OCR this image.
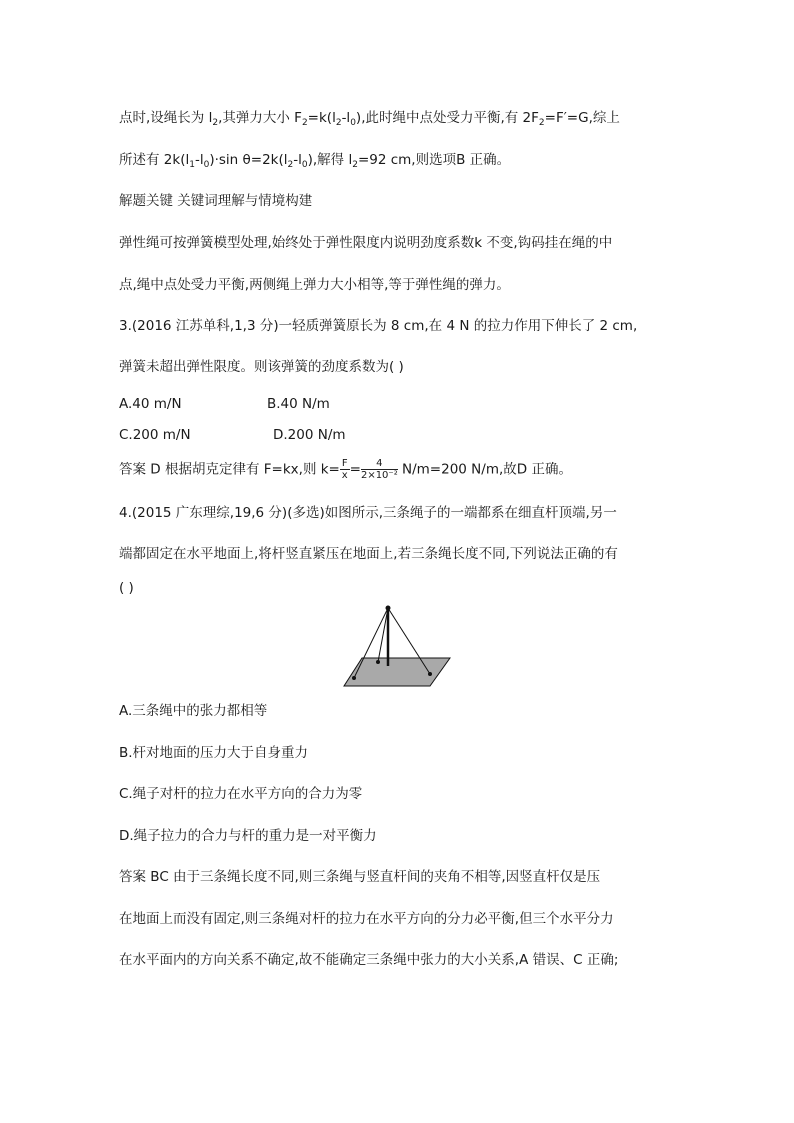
点时,设绳长为 $l_2$,其弹力大小 $F_2=k(l_2-l_0)$,此时绳中点处受力平衡,有 $2F_2=F'=G$,综上
所述有 $2k(l_1-l_0)\cdot\sin$ $\theta=2k(l_2-l_0)$,解得 $l_2=92$ cm,则选项B 正确。
解题关键 关键词理解与情境构建
弹性绳可按弹簧模型处理,始终处于弹性限度内说明劲度系数k 不变,钩码挂在绳的中
点,绳中点处受力平衡,两侧绳上弹力大小相等,等于弹性绳的弹力。
3.(2016 江苏单科,1,3 分)一轻质弹簧原长为 8 cm,在 4 N 的拉力作用下伸长了 2 cm,
弹簧未超出弹性限度。则该弹簧的劲度系数为( )
A.40 m/N	B.40 N/m
C.200 m/N	D.200 N/m
答案 D 根据胡克定律有 F=kx,则 $k= \frac{F}{x} = \frac{4}{\text{2×10⁻²}} N/m=200$ N/m,故D 正确。
4.(2015 广东理综,19,6 分)(多选)如图所示,三条绳子的一端都系在细直杆顶端,另一
端都固定在水平地面上,将杆竖直紧压在地面上,若三条绳长度不同,下列说法正确的有
( )
A.三条绳中的张力都相等
B.杆对地面的压力大于自身重力
C.绳子对杆的拉力在水平方向的合力为零
D.绳子拉力的合力与杆的重力是一对平衡力
答案 BC 由于三条绳长度不同,则三条绳与竖直杆间的夹角不相等,因竖直杆仅是压
在地面上而没有固定,则三条绳对杆的拉力在水平方向的分力必平衡,但三个水平分力
在水平面内的方向关系不确定,故不能确定三条绳中张力的大小关系,A 错误、C 正确;
